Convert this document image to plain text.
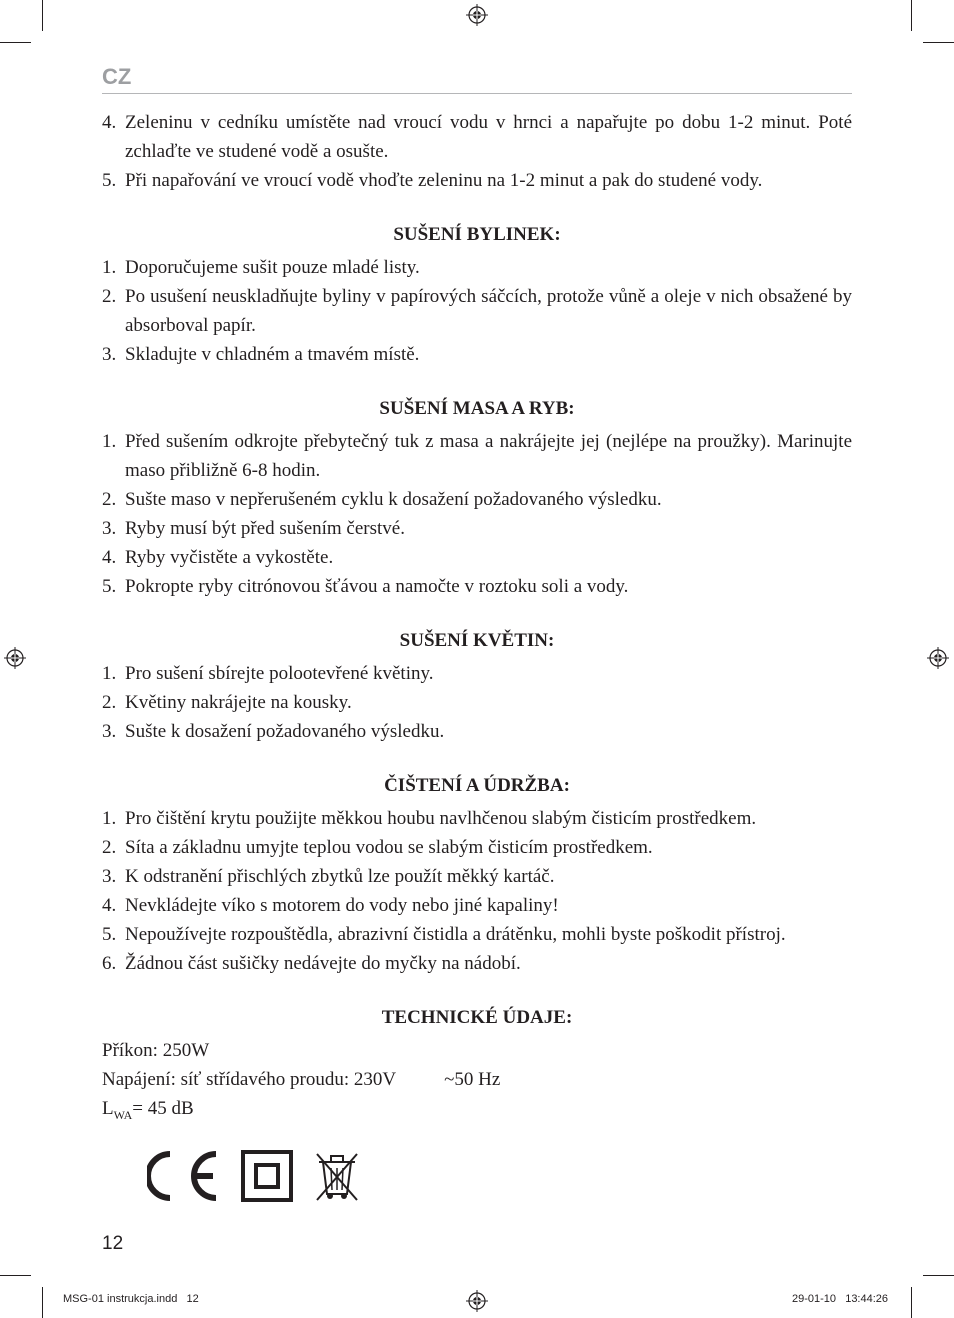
CZ
4. Zeleninu v cedníku umístěte nad vroucí vodu v hrnci a napařujte po dobu 1-2 minut. Poté zchlaďte ve studené vodě a osušte.
5. Při napařování ve vroucí vodě vhoďte zeleninu na 1-2 minut a pak do studené vody.
SUŠENÍ BYLINEK:
1. Doporučujeme sušit pouze mladé listy.
2. Po usušení neuskladňujte byliny v papírových sáčcích, protože vůně a oleje v nich obsažené by absorboval papír.
3. Skladujte v chladném a tmavém místě.
SUŠENÍ MASA A RYB:
1. Před sušením odkrojte přebytečný tuk z masa a nakrájejte jej (nejlépe na proužky). Marinujte maso přibližně 6-8 hodin.
2. Sušte maso v nepřerušeném cyklu k dosažení požadovaného výsledku.
3. Ryby musí být před sušením čerstvé.
4. Ryby vyčistěte a vykostěte.
5. Pokropte ryby citrónovou šťávou a namočte v roztoku soli a vody.
SUŠENÍ KVĚTIN:
1. Pro sušení sbírejte polootevřené květiny.
2. Květiny nakrájejte na kousky.
3. Sušte k dosažení požadovaného výsledku.
ČIŠTENÍ A ÚDRŽBA:
1. Pro čištění krytu použijte měkkou houbu navlhčenou slabým čisticím prostředkem.
2. Síta a základnu umyjte teplou vodou se slabým čisticím prostředkem.
3. K odstranění přischlých zbytků lze použít měkký kartáč.
4. Nevkládejte víko s motorem do vody nebo jiné kapaliny!
5. Nepoužívejte rozpouštědla, abrazivní čistidla a drátěnku, mohli byste poškodit přístroj.
6. Žádnou část sušičky nedávejte do myčky na nádobí.
TECHNICKÉ ÚDAJE:
Příkon: 250W
Napájení: síť střídavého proudu: 230V	~50 Hz
$L_{WA}= 45$ dB
12
MSG-01 instrukcja.indd   12	29-01-10   13:44:26
